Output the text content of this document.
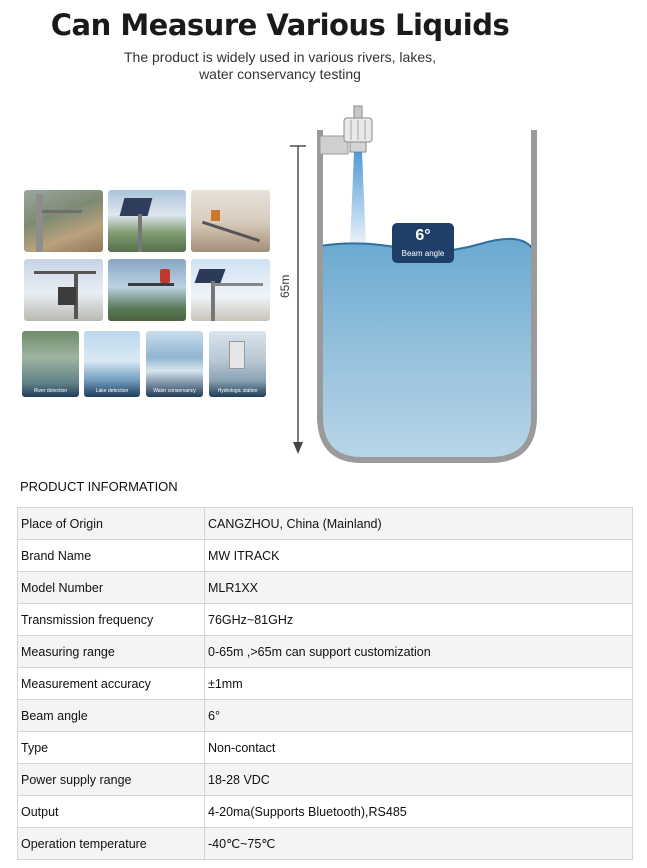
Can Measure Various Liquids
The product is widely used in various rivers, lakes,
water conservancy testing
River detection	Lake detection	Water conservancy	Hydrologic station
65m
6°
Beam angle
PRODUCT INFORMATION
Place of Origin	CANGZHOU, China (Mainland)
Brand Name	MW ITRACK
Model Number	MLR1XX
Transmission frequency	76GHz~81GHz
Measuring range	0-65m ,>65m can support customization
Measurement accuracy	±1mm
Beam angle	6°
Type	Non-contact
Power supply range	18-28 VDC
Output	4-20ma(Supports Bluetooth),RS485
Operation temperature	-40℃~75℃
